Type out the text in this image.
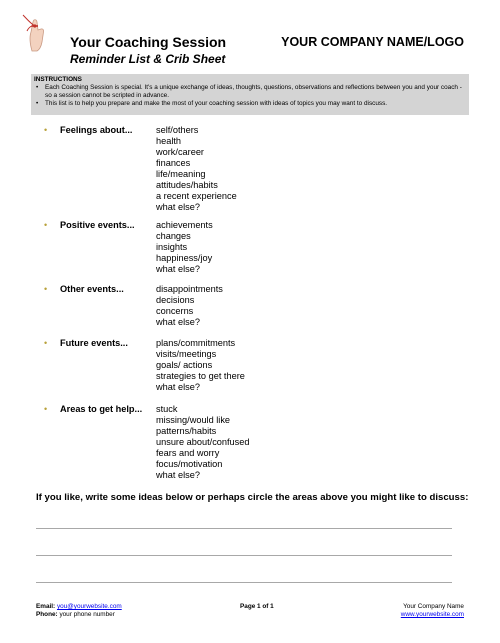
Your Coaching Session
Reminder List & Crib Sheet
YOUR COMPANY NAME/LOGO
INSTRUCTIONS
• Each Coaching Session is special. It's a unique exchange of ideas, thoughts, questions, observations and reflections between you and your coach - so a session cannot be scripted in advance.
• This list is to help you prepare and make the most of your coaching session with ideas of topics you may want to discuss.
• Feelings about...	self/others
health
work/career
finances
life/meaning
attitudes/habits
a recent experience
what else?
• Positive events... achievements
changes
insights
happiness/joy
what else?
• Other events...	disappointments
decisions
concerns
what else?
• Future events...	plans/commitments
visits/meetings
goals/ actions
strategies to get there
what else?
• Areas to get help... stuck
missing/would like
patterns/habits
unsure about/confused
fears and worry
focus/motivation
what else?
If you like, write some ideas below or perhaps circle the areas above you might like to discuss:
Email: you@yourwebsite.com
Phone: your phone number
Page 1 of 1	Your Company Name
www.yourwebsite.com
